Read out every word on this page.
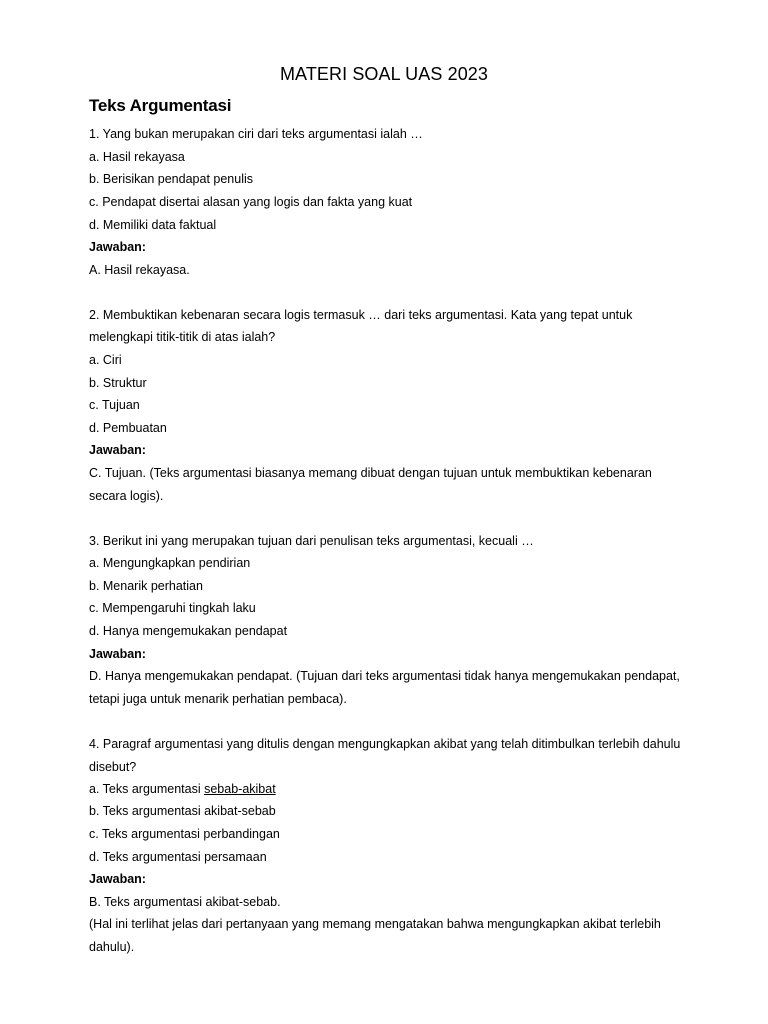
MATERI SOAL UAS 2023
Teks Argumentasi
1. Yang bukan merupakan ciri dari teks argumentasi ialah …
a. Hasil rekayasa
b. Berisikan pendapat penulis
c. Pendapat disertai alasan yang logis dan fakta yang kuat
d. Memiliki data faktual
Jawaban:
A. Hasil rekayasa.
2. Membuktikan kebenaran secara logis termasuk … dari teks argumentasi. Kata yang tepat untuk
melengkapi titik-titik di atas ialah?
a. Ciri
b. Struktur
c. Tujuan
d. Pembuatan
Jawaban:
C. Tujuan. (Teks argumentasi biasanya memang dibuat dengan tujuan untuk membuktikan kebenaran
secara logis).
3. Berikut ini yang merupakan tujuan dari penulisan teks argumentasi, kecuali …
a. Mengungkapkan pendirian
b. Menarik perhatian
c. Mempengaruhi tingkah laku
d. Hanya mengemukakan pendapat
Jawaban:
D. Hanya mengemukakan pendapat. (Tujuan dari teks argumentasi tidak hanya mengemukakan pendapat,
tetapi juga untuk menarik perhatian pembaca).
4. Paragraf argumentasi yang ditulis dengan mengungkapkan akibat yang telah ditimbulkan terlebih dahulu
disebut?
a. Teks argumentasi sebab-akibat
b. Teks argumentasi akibat-sebab
c. Teks argumentasi perbandingan
d. Teks argumentasi persamaan
Jawaban:
B. Teks argumentasi akibat-sebab.
(Hal ini terlihat jelas dari pertanyaan yang memang mengatakan bahwa mengungkapkan akibat terlebih
dahulu).
